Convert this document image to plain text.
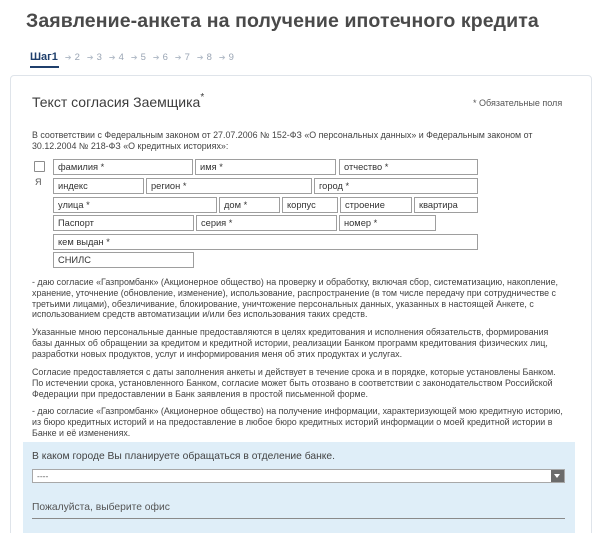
Заявление-анкета на получение ипотечного кредита
Шаг1 ➔ 2 ➔ 3 ➔ 4 ➔ 5 ➔ 6 ➔ 7 ➔ 8 ➔ 9
Текст согласия Заемщика*	* Обязательные поля
В соответствии с Федеральным законом от 27.07.2006 № 152-ФЗ «О персональных данных» и Федеральным законом от 30.12.2004 № 218-ФЗ «О кредитных историях»:
Я
фамилия *	имя *	отчество *
индекс	регион *	город *
улица *	дом *	корпус	строение	квартира
Паспорт	серия *	номер *
кем выдан *
СНИЛС
- даю согласие «Газпромбанк» (Акционерное общество) на проверку и обработку, включая сбор, систематизацию, накопление, хранение, уточнение (обновление, изменение), использование, распространение (в том числе передачу при сотрудничестве с третьими лицами), обезличивание, блокирование, уничтожение персональных данных, указанных в настоящей Анкете, с использованием средств автоматизации и/или без использования таких средств.
Указанные мною персональные данные предоставляются в целях кредитования и исполнения обязательств, формирования базы данных об обращении за кредитом и кредитной истории, реализации Банком программ кредитования физических лиц, разработки новых продуктов, услуг и информирования меня об этих продуктах и услугах.
Согласие предоставляется с даты заполнения анкеты и действует в течение срока и в порядке, которые установлены Банком. По истечении срока, установленного Банком, согласие может быть отозвано в соответствии с законодательством Российской Федерации при предоставлении в Банк заявления в простой письменной форме.
- даю согласие «Газпромбанк» (Акционерное общество) на получение информации, характеризующей мою кредитную историю, из бюро кредитных историй и на предоставление в любое бюро кредитных историй информации о моей кредитной истории в Банке и её изменениях.
В каком городе Вы планируете обращаться в отделение банке.
----
Пожалуйста, выберите офис
